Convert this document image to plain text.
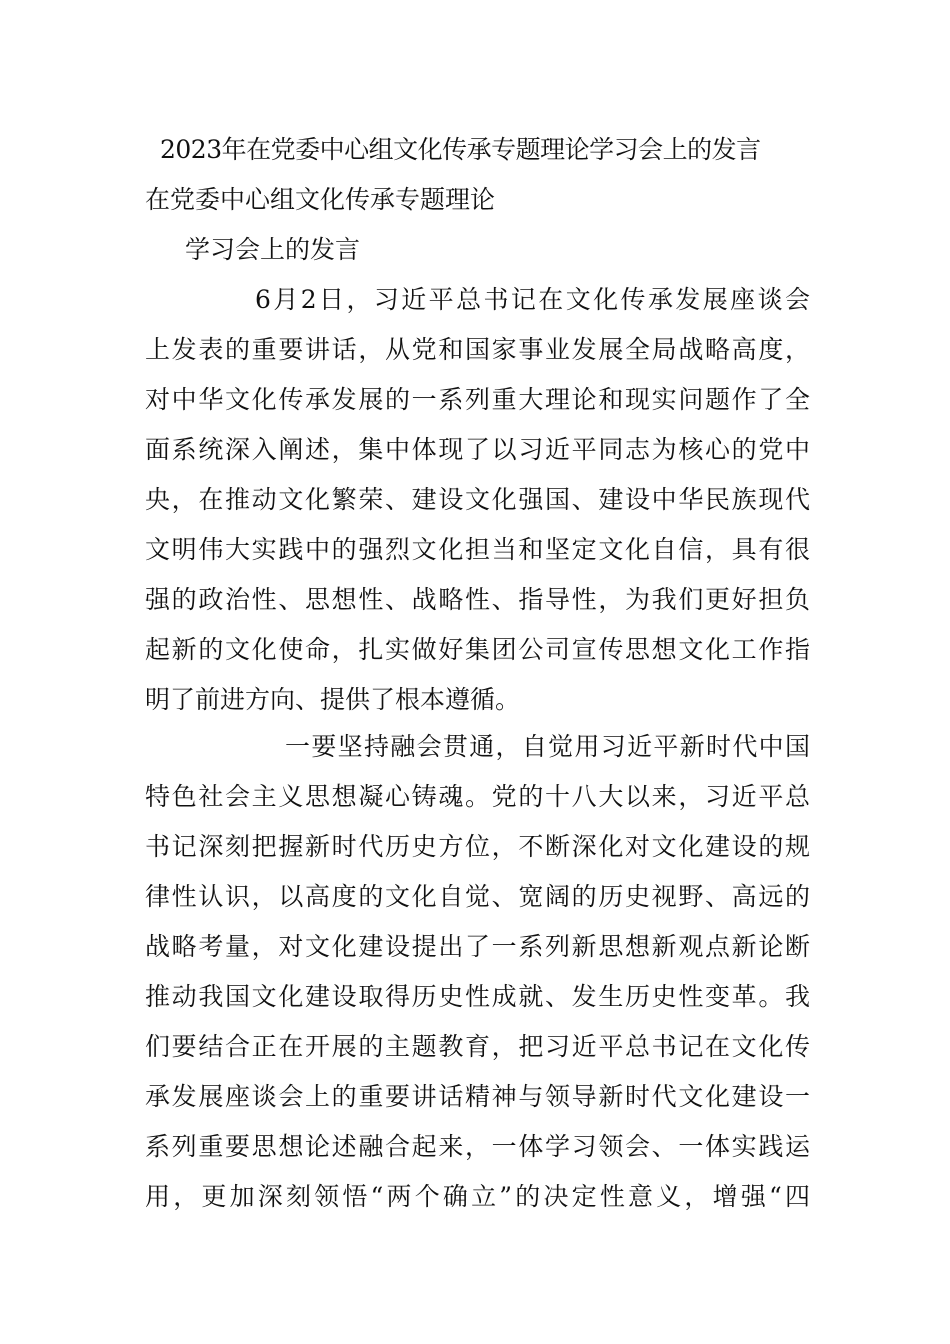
2023年在党委中心组文化传承专题理论学习会上的发言
在党委中心组文化传承专题理论
学习会上的发言
6月2日，习近平总书记在文化传承发展座谈会
上发表的重要讲话，从党和国家事业发展全局战略高度，
对中华文化传承发展的一系列重大理论和现实问题作了全
面系统深入阐述，集中体现了以习近平同志为核心的党中
央，在推动文化繁荣、建设文化强国、建设中华民族现代
文明伟大实践中的强烈文化担当和坚定文化自信，具有很
强的政治性、思想性、战略性、指导性，为我们更好担负
起新的文化使命，扎实做好集团公司宣传思想文化工作指
明了前进方向、提供了根本遵循。
一要坚持融会贯通，自觉用习近平新时代中国
特色社会主义思想凝心铸魂。党的十八大以来，习近平总
书记深刻把握新时代历史方位，不断深化对文化建设的规
律性认识，以高度的文化自觉、宽阔的历史视野、高远的
战略考量，对文化建设提出了一系列新思想新观点新论断
推动我国文化建设取得历史性成就、发生历史性变革。我
们要结合正在开展的主题教育，把习近平总书记在文化传
承发展座谈会上的重要讲话精神与领导新时代文化建设一
系列重要思想论述融合起来，一体学习领会、一体实践运
用，更加深刻领悟“两个确立”的决定性意义，增强“四
